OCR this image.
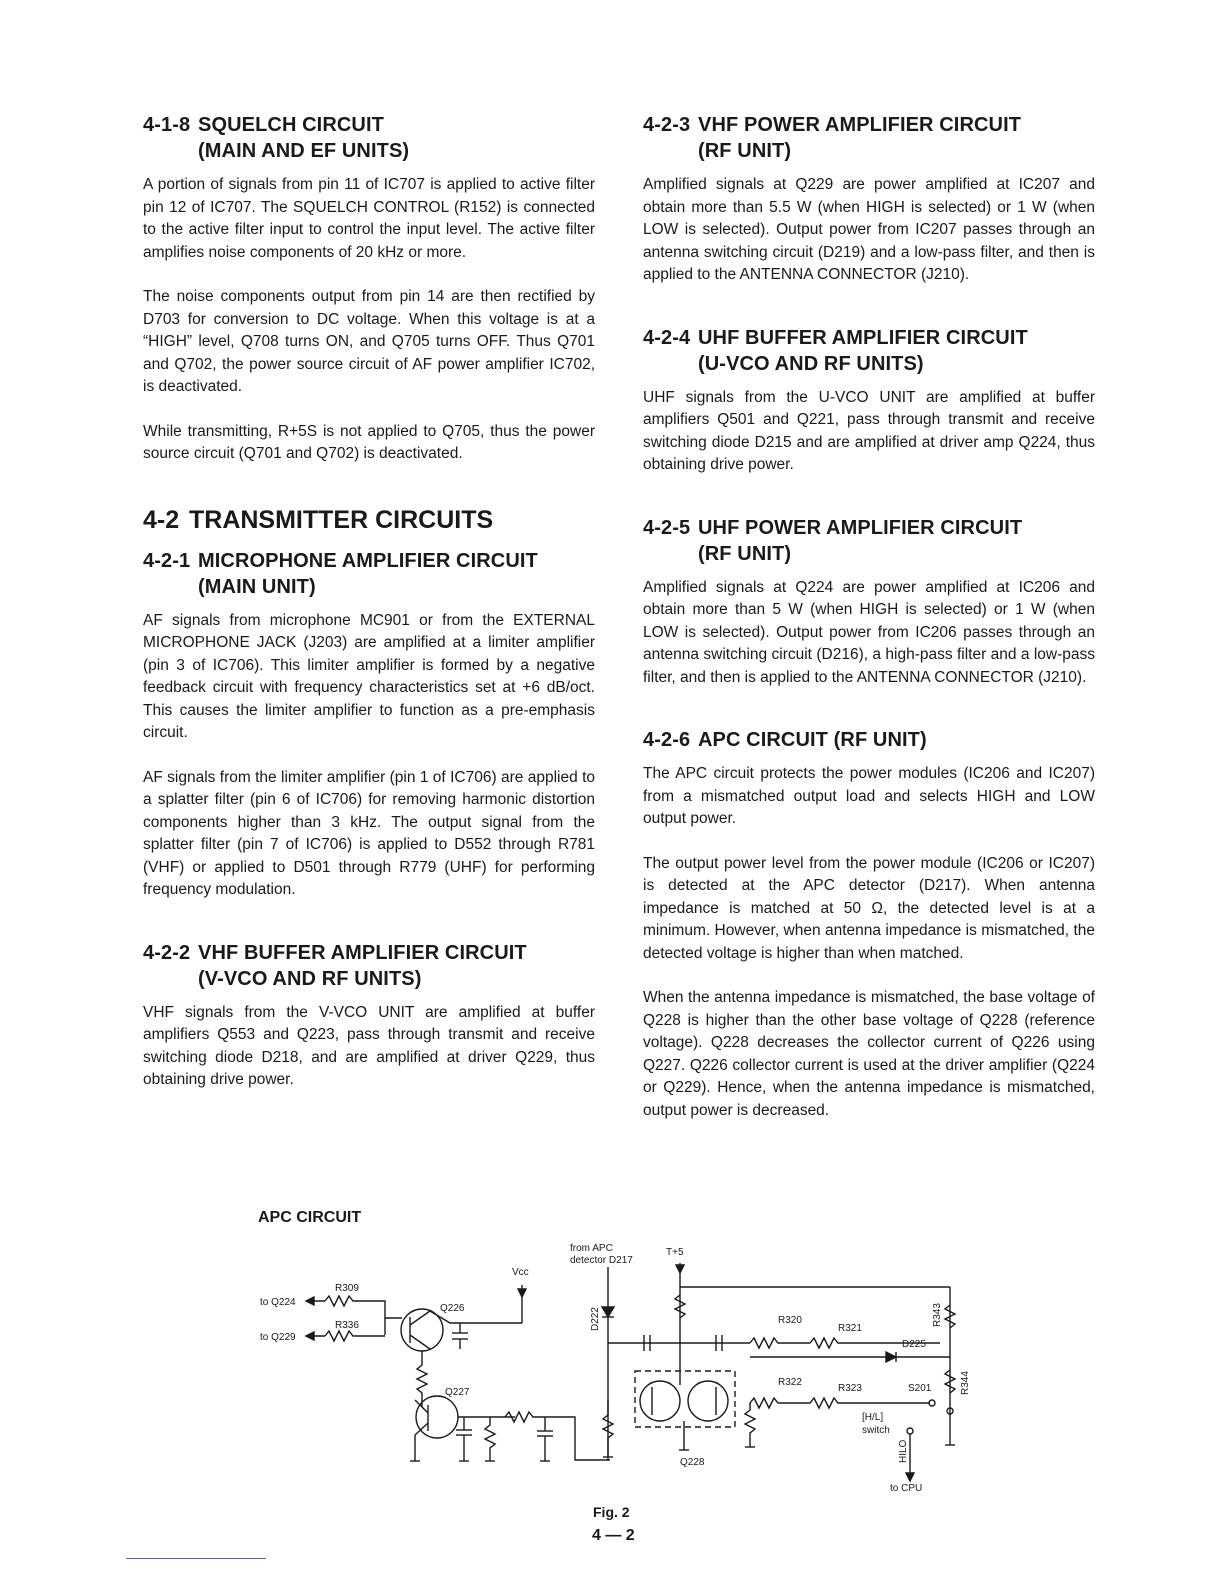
4-1-8 SQUELCH CIRCUIT
(MAIN AND EF UNITS)

A portion of signals from pin 11 of IC707 is applied to active filter pin 12 of IC707. The SQUELCH CONTROL (R152) is connected to the active filter input to control the input level. The active filter amplifies noise components of 20 kHz or more.

The noise components output from pin 14 are then rectified by D703 for conversion to DC voltage. When this voltage is at a “HIGH” level, Q708 turns ON, and Q705 turns OFF. Thus Q701 and Q702, the power source circuit of AF power amplifier IC702, is deactivated.

While transmitting, R+5S is not applied to Q705, thus the power source circuit (Q701 and Q702) is deactivated.

4-2 TRANSMITTER CIRCUITS
4-2-1 MICROPHONE AMPLIFIER CIRCUIT
(MAIN UNIT)

AF signals from microphone MC901 or from the EXTERNAL MICROPHONE JACK (J203) are amplified at a limiter amplifier (pin 3 of IC706). This limiter amplifier is formed by a negative feedback circuit with frequency characteristics set at +6 dB/oct. This causes the limiter amplifier to function as a pre-emphasis circuit.

AF signals from the limiter amplifier (pin 1 of IC706) are applied to a splatter filter (pin 6 of IC706) for removing harmonic distortion components higher than 3 kHz. The output signal from the splatter filter (pin 7 of IC706) is applied to D552 through R781 (VHF) or applied to D501 through R779 (UHF) for performing frequency modulation.

4-2-2 VHF BUFFER AMPLIFIER CIRCUIT
(V-VCO AND RF UNITS)

VHF signals from the V-VCO UNIT are amplified at buffer amplifiers Q553 and Q223, pass through transmit and receive switching diode D218, and are amplified at driver Q229, thus obtaining drive power.

4-2-3 VHF POWER AMPLIFIER CIRCUIT
(RF UNIT)

Amplified signals at Q229 are power amplified at IC207 and obtain more than 5.5 W (when HIGH is selected) or 1 W (when LOW is selected). Output power from IC207 passes through an antenna switching circuit (D219) and a low-pass filter, and then is applied to the ANTENNA CONNECTOR (J210).

4-2-4 UHF BUFFER AMPLIFIER CIRCUIT
(U-VCO AND RF UNITS)

UHF signals from the U-VCO UNIT are amplified at buffer amplifiers Q501 and Q221, pass through transmit and receive switching diode D215 and are amplified at driver amp Q224, thus obtaining drive power.

4-2-5 UHF POWER AMPLIFIER CIRCUIT
(RF UNIT)

Amplified signals at Q224 are power amplified at IC206 and obtain more than 5 W (when HIGH is selected) or 1 W (when LOW is selected). Output power from IC206 passes through an antenna switching circuit (D216), a high-pass filter and a low-pass filter, and then is applied to the ANTENNA CONNECTOR (J210).

4-2-6 APC CIRCUIT (RF UNIT)

The APC circuit protects the power modules (IC206 and IC207) from a mismatched output load and selects HIGH and LOW output power.

The output power level from the power module (IC206 or IC207) is detected at the APC detector (D217). When antenna impedance is matched at 50 Ω, the detected level is at a minimum. However, when antenna impedance is mismatched, the detected voltage is higher than when matched.

When the antenna impedance is mismatched, the base voltage of Q228 is higher than the other base voltage of Q228 (reference voltage). Q228 decreases the collector current of Q226 using Q227. Q226 collector current is used at the driver amplifier (Q224 or Q229). Hence, when the antenna impedance is mismatched, output power is decreased.

APC CIRCUIT
to Q224
to Q229
R309
R336
Q226
Vcc
Q227
from APC
detector D217
T+5
D222	R320
R321
R343
D225
Q228
R322
R323	S201	R344
[H/L]
switch
HILO
to CPU
Fig. 2
4 — 2
